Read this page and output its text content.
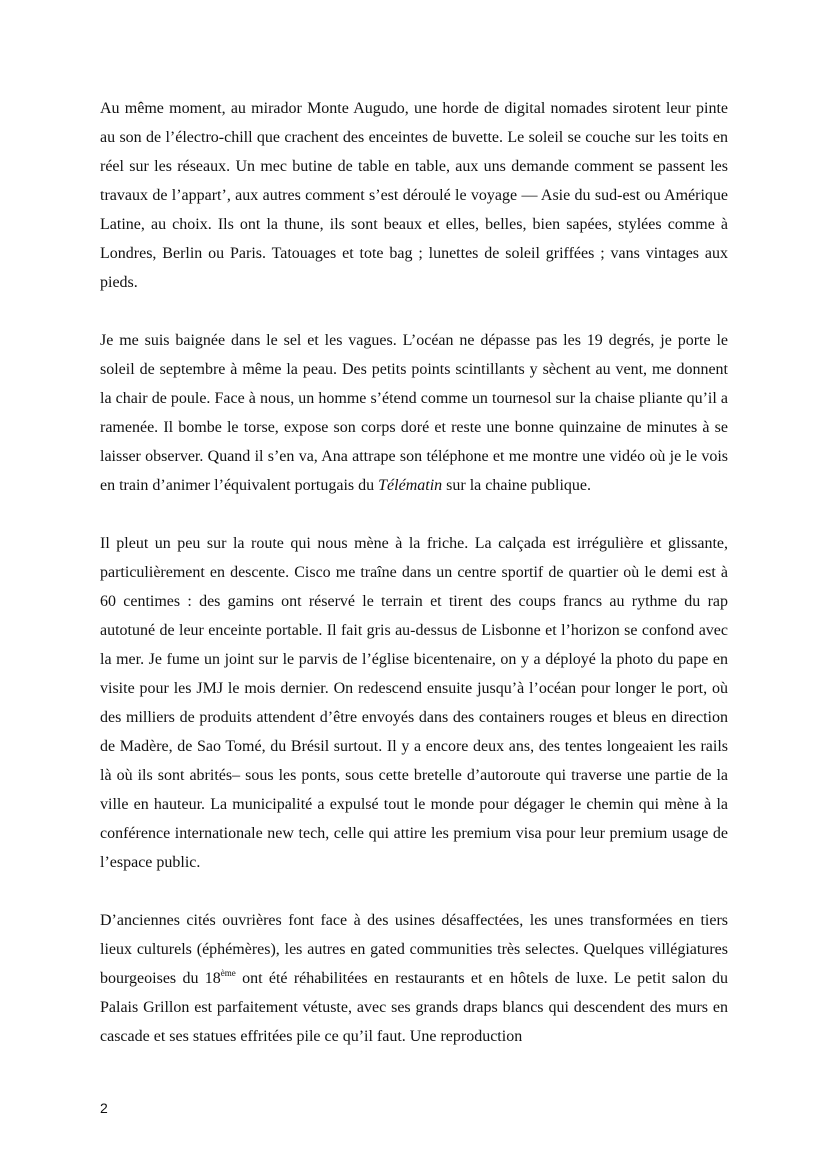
Au même moment, au mirador Monte Augudo, une horde de digital nomades sirotent leur pinte au son de l’électro-chill que crachent des enceintes de buvette. Le soleil se couche sur les toits en réel sur les réseaux. Un mec butine de table en table, aux uns demande comment se passent les travaux de l’appart’, aux autres comment s’est déroulé le voyage — Asie du sud-est ou Amérique Latine, au choix. Ils ont la thune, ils sont beaux et elles, belles, bien sapées, stylées comme à Londres, Berlin ou Paris. Tatouages et tote bag ; lunettes de soleil griffées ; vans vintages aux pieds.

Je me suis baignée dans le sel et les vagues. L’océan ne dépasse pas les 19 degrés, je porte le soleil de septembre à même la peau. Des petits points scintillants y sèchent au vent, me donnent la chair de poule. Face à nous, un homme s’étend comme un tournesol sur la chaise pliante qu’il a ramenée. Il bombe le torse, expose son corps doré et reste une bonne quinzaine de minutes à se laisser observer. Quand il s’en va, Ana attrape son téléphone et me montre une vidéo où je le vois en train d’animer l’équivalent portugais du Télématin sur la chaine publique.

Il pleut un peu sur la route qui nous mène à la friche. La calçada est irrégulière et glissante, particulièrement en descente. Cisco me traîne dans un centre sportif de quartier où le demi est à 60 centimes : des gamins ont réservé le terrain et tirent des coups francs au rythme du rap autotuné de leur enceinte portable. Il fait gris au-dessus de Lisbonne et l’horizon se confond avec la mer. Je fume un joint sur le parvis de l’église bicentenaire, on y a déployé la photo du pape en visite pour les JMJ le mois dernier. On redescend ensuite jusqu’à l’océan pour longer le port, où des milliers de produits attendent d’être envoyés dans des containers rouges et bleus en direction de Madère, de Sao Tomé, du Brésil surtout. Il y a encore deux ans, des tentes longeaient les rails là où ils sont abrités– sous les ponts, sous cette bretelle d’autoroute qui traverse une partie de la ville en hauteur. La municipalité a expulsé tout le monde pour dégager le chemin qui mène à la conférence internationale new tech, celle qui attire les premium visa pour leur premium usage de l’espace public.

D’anciennes cités ouvrières font face à des usines désaffectées, les unes transformées en tiers lieux culturels (éphémères), les autres en gated communities très selectes. Quelques villégiatures bourgeoises du 18ème ont été réhabilitées en restaurants et en hôtels de luxe. Le petit salon du Palais Grillon est parfaitement vétuste, avec ses grands draps blancs qui descendent des murs en cascade et ses statues effritées pile ce qu’il faut. Une reproduction

2
